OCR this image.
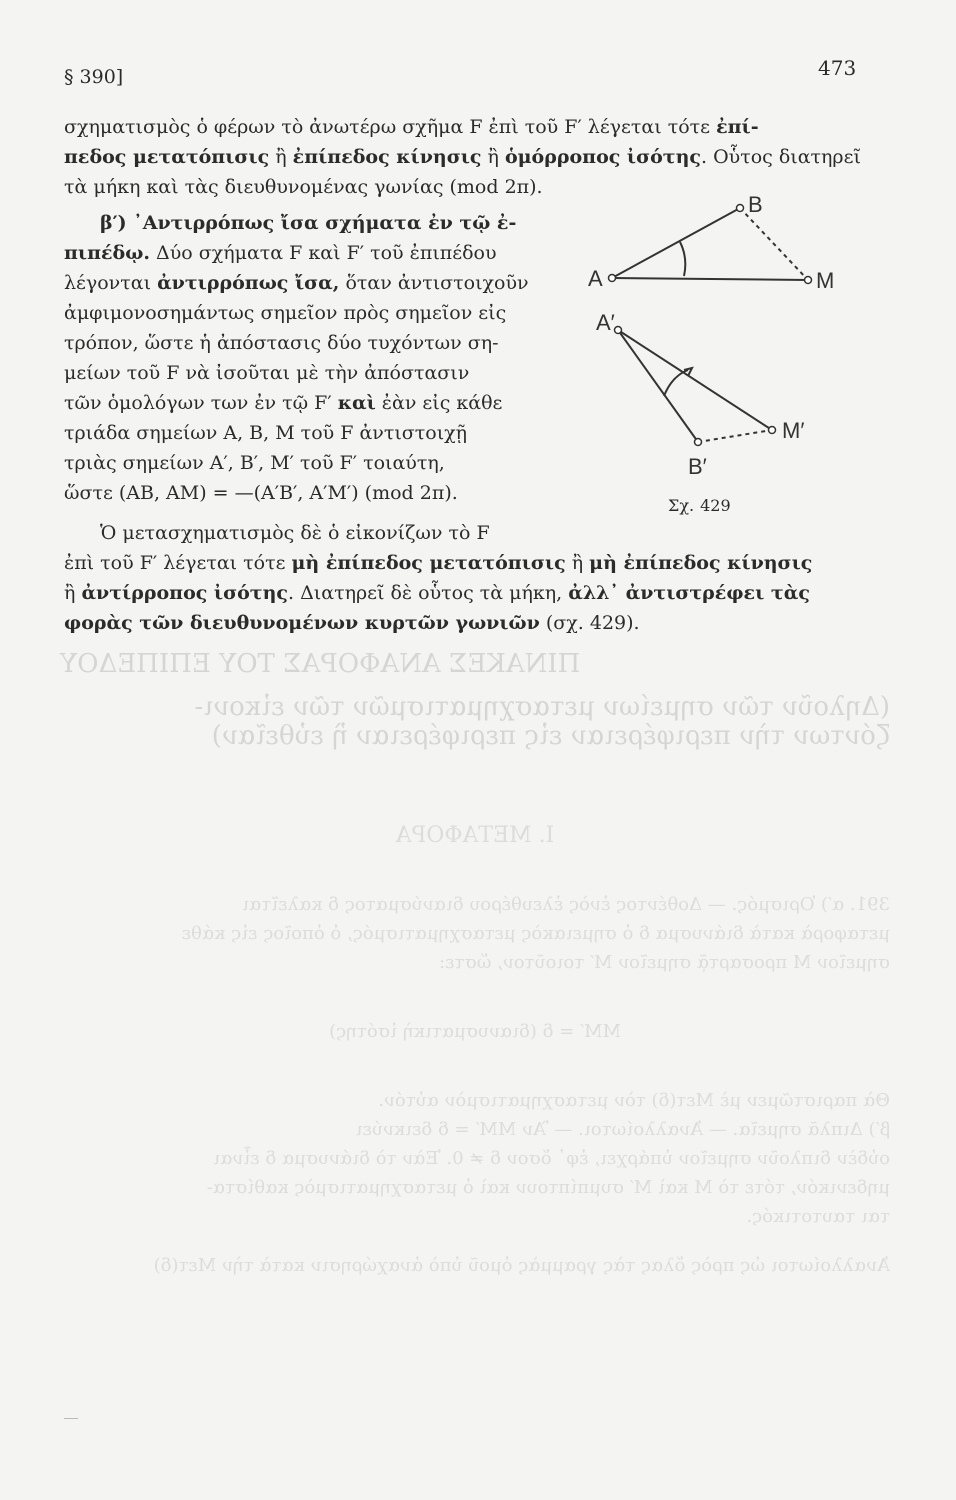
ΠΙΝΑΚΕΣ ΑΝΑΦΟΡΑΣ ΤΟΥ ΕΠΙΠΕΔΟΥ
(Δηλοῦν τῶν σημείων μετασχηματισμῶν τῶν εἰκονι-
ζόντων τὴν περιφέρειαν εἰς περιφέρειαν ἢ εὐθεῖαν)
I. ΜΕΤΑΦΟΡΑ
391. α′) Ὁρισμός. — Δοθέντος ἑνὸς ἐλευθέρου διανύσματος δ καλεῖται
μεταφορὰ κατὰ διάνυσμα δ ὁ σημειακὸς μετασχηματισμός, ὁ ὁποῖος εἰς κάθε
σημεῖον Μ προσαρτᾷ σημεῖον Μ′ τοιοῦτον, ὥστε:
ΜΜ′ = δ (διανυσματικὴ ἰσότης)
Θὰ παριστῶμεν μὲ Μετ(δ) τὸν μετασχηματισμὸν αὐτόν.
β′) Διπλᾶ σημεῖα. — Ἀναλλοίωτοι. — Ἂν ΜΜ′ = δ δεικνύει
οὐδὲν διπλοῦν σημεῖον ὑπάρχει, ἐφ᾿ ὅσον δ ≠ 0. Ἐὰν τὸ διάνυσμα δ εἶναι
μηδενικόν, τότε τὸ Μ καὶ Μ′ συμπίπτουν καὶ ὁ μετασχηματισμὸς καθίστα-
ται ταυτοτικός.
Ἀναλλοίωτοι ὡς πρὸς ὅλας τὰς γραμμὰς ὁμοῦ ὑπὸ ἀναχώρησιν κατὰ τὴν Μετ(δ)
§ 390]	473
σχηματισμὸς ὁ φέρων τὸ ἀνωτέρω σχῆμα F ἐπὶ τοῦ F′ λέγεται τότε ἐπί-
πεδος μετατόπισις ἢ ἐπίπεδος κίνησις ἢ ὁμόρροπος ἰσότης. Οὗτος διατηρεῖ
τὰ μήκη καὶ τὰς διευθυνομένας γωνίας (mod 2π).
β′) ᾿Αντιρρόπως ἴσα σχήματα ἐν τῷ ἐ-
πιπέδῳ. Δύο σχήματα F καὶ F′ τοῦ ἐπιπέδου
λέγονται ἀντιρρόπως ἴσα, ὅταν ἀντιστοιχοῦν
ἀμφιμονοσημάντως σημεῖον πρὸς σημεῖον εἰς
τρόπον, ὥστε ἡ ἀπόστασις δύο τυχόντων ση-
μείων τοῦ F νὰ ἰσοῦται μὲ τὴν ἀπόστασιν
τῶν ὁμολόγων των ἐν τῷ F′ καὶ ἐὰν εἰς κάθε
τριάδα σημείων Α, Β, Μ τοῦ F ἀντιστοιχῇ
τριὰς σημείων Α′, Β′, Μ′ τοῦ F′ τοιαύτη,
ὥστε (ΑΒ, ΑΜ) = —(Α′Β′, Α′Μ′) (mod 2π).
A
B
M
A′
B′
M′
Σχ. 429
Ὁ μετασχηματισμὸς δὲ ὁ εἰκονίζων τὸ F
ἐπὶ τοῦ F′ λέγεται τότε μὴ ἐπίπεδος μετατόπισις ἢ μὴ ἐπίπεδος κίνησις
ἢ ἀντίρροπος ἰσότης. Διατηρεῖ δὲ οὗτος τὰ μήκη, ἀλλ᾿ ἀντιστρέφει τὰς
φορὰς τῶν διευθυνομένων κυρτῶν γωνιῶν (σχ. 429).
